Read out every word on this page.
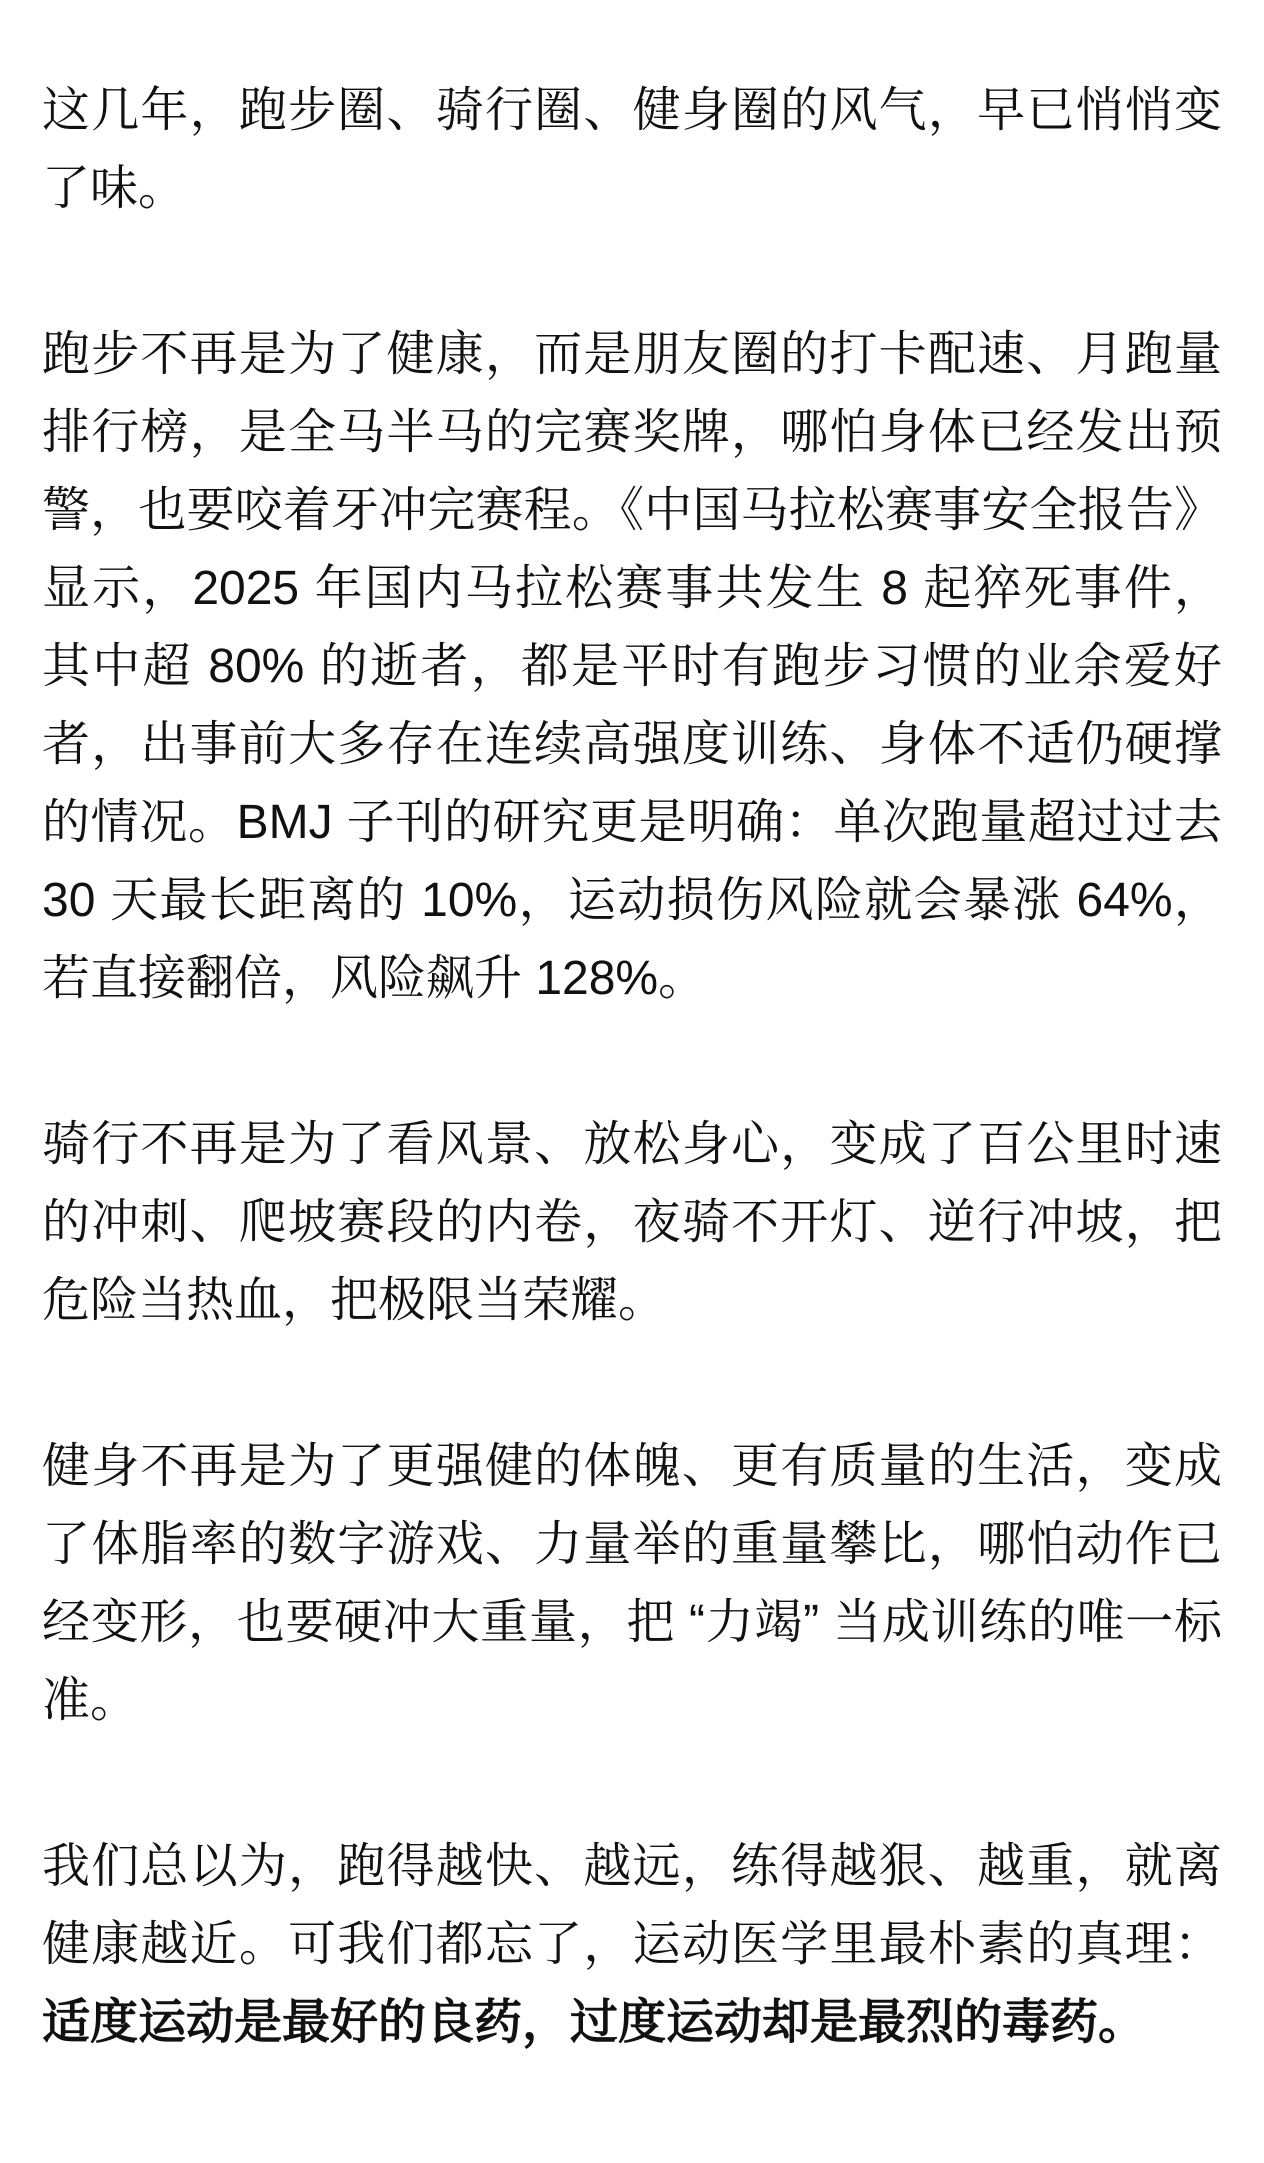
这几年，跑步圈、骑行圈、健身圈的风气，早已悄悄变了味。

跑步不再是为了健康，而是朋友圈的打卡配速、月跑量排行榜，是全马半马的完赛奖牌，哪怕身体已经发出预警，也要咬着牙冲完赛程。《中国马拉松赛事安全报告》显示，2025 年国内马拉松赛事共发生 8 起猝死事件，其中超 80% 的逝者，都是平时有跑步习惯的业余爱好者，出事前大多存在连续高强度训练、身体不适仍硬撑的情况。BMJ 子刊的研究更是明确：单次跑量超过过去 30 天最长距离的 10%，运动损伤风险就会暴涨 64%，若直接翻倍，风险飙升 128%。

骑行不再是为了看风景、放松身心，变成了百公里时速的冲刺、爬坡赛段的内卷，夜骑不开灯、逆行冲坡，把危险当热血，把极限当荣耀。

健身不再是为了更强健的体魄、更有质量的生活，变成了体脂率的数字游戏、力量举的重量攀比，哪怕动作已经变形，也要硬冲大重量，把 “力竭” 当成训练的唯一标准。

我们总以为，跑得越快、越远，练得越狠、越重，就离健康越近。可我们都忘了，运动医学里最朴素的真理：适度运动是最好的良药，过度运动却是最烈的毒药。
